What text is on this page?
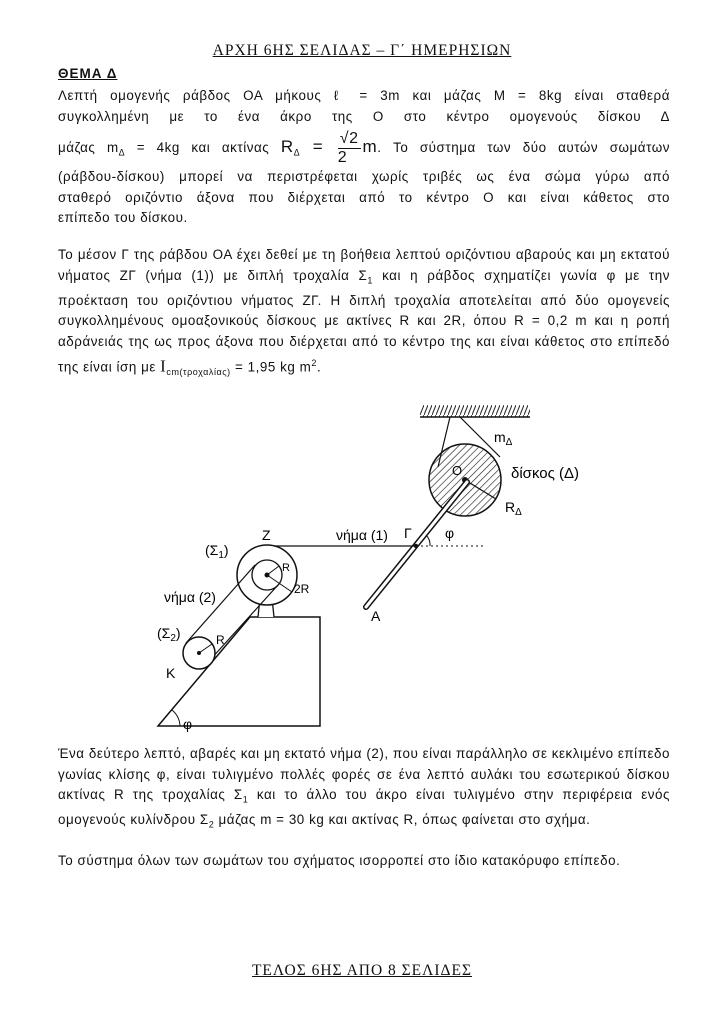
ΑΡΧΗ 6ΗΣ ΣΕΛΙΔΑΣ – Γ΄ ΗΜΕΡΗΣΙΩΝ
ΘΕΜΑ Δ
Λεπτή ομογενής ράβδος ΟΑ μήκους ℓ = 3m και μάζας Μ = 8kg είναι σταθερά
συγκολλημένη με το ένα άκρο της Ο στο κέντρο ομογενούς δίσκου Δ
μάζας $m_\Delta = 4kg$ και ακτίνας $R_\Delta = \frac{√2}{2} m$. Το σύστημα των δύο αυτών σωμάτων
(ράβδου-δίσκου) μπορεί να περιστρέφεται χωρίς τριβές ως ένα σώμα γύρω από
σταθερό οριζόντιο άξονα που διέρχεται από το κέντρο Ο και είναι κάθετος στο
επίπεδο του δίσκου.

Το μέσον Γ της ράβδου ΟΑ έχει δεθεί με τη βοήθεια λεπτού οριζόντιου αβαρούς και μη εκτατού νήματος ΖΓ (νήμα (1)) με διπλή τροχαλία $\Sigma_1$ και η ράβδος σχηματίζει γωνία φ με την προέκταση του οριζόντιου νήματος ΖΓ. Η διπλή τροχαλία αποτελείται από δύο ομογενείς συγκολλημένους ομοαξονικούς δίσκους με ακτίνες R και 2R, όπου R = 0,2 m και η ροπή αδράνειάς της ως προς άξονα που διέρχεται από το κέντρο της και είναι κάθετος στο επίπεδό της είναι ίση με $I_{cm(\tau\rho o\chi\alpha\lambda ί\alpha\varsigma)} = 1,95$ kg $m^2$.

$m_\Delta$
δίσκος (Δ)
$R_\Delta$
Ο
Γ φ
Α
νήμα (1)
Ζ
$(\Sigma_1)$
R
2R
νήμα (2)
$(\Sigma_2)$	R
Κ
φ

Ένα δεύτερο λεπτό, αβαρές και μη εκτατό νήμα (2), που είναι παράλληλο σε κεκλιμένο επίπεδο γωνίας κλίσης φ, είναι τυλιγμένο πολλές φορές σε ένα λεπτό αυλάκι του εσωτερικού δίσκου ακτίνας R της τροχαλίας $\Sigma_1$ και το άλλο του άκρο είναι τυλιγμένο στην περιφέρεια ενός ομογενούς κυλίνδρου $\Sigma_2$ μάζας m = 30 kg και ακτίνας R, όπως φαίνεται στο σχήμα.

Το σύστημα όλων των σωμάτων του σχήματος ισορροπεί στο ίδιο κατακόρυφο επίπεδο.

ΤΕΛΟΣ 6ΗΣ ΑΠΟ 8 ΣΕΛΙΔΕΣ
